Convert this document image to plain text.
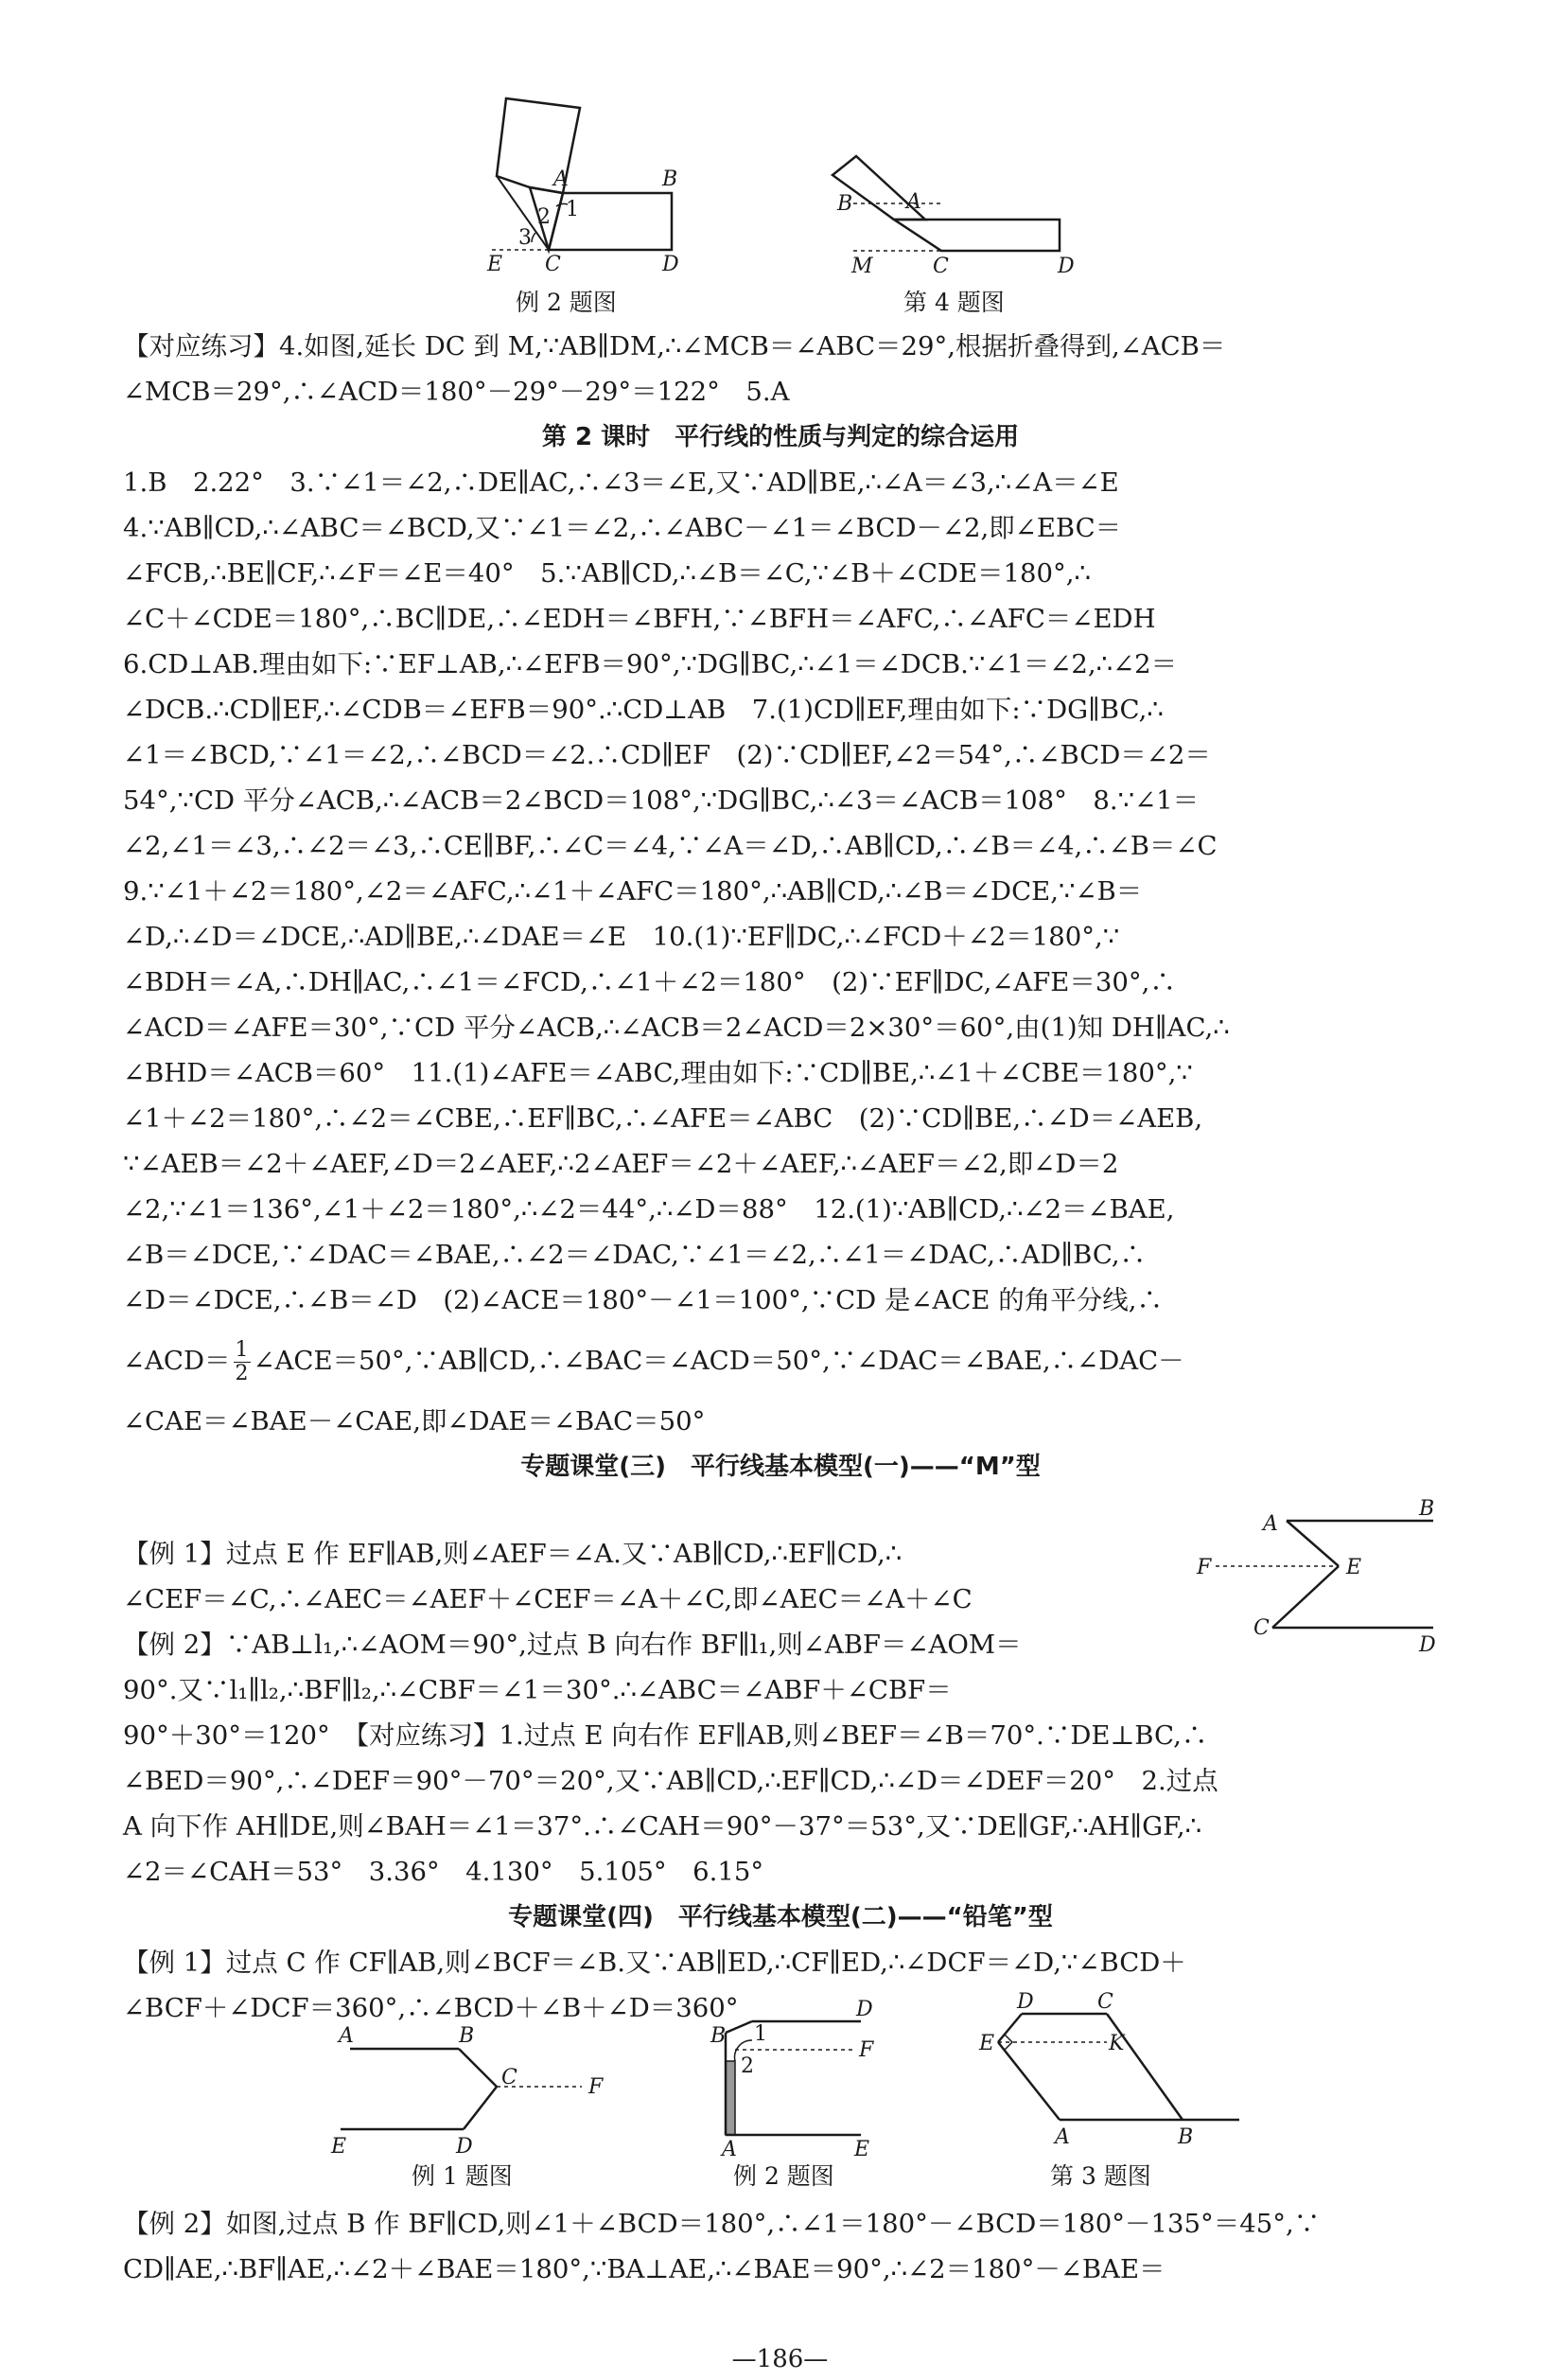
A	B
1
2
3
E C	D
例 2 题图
B	A
M	C	D
第 4 题图
【对应练习】4.如图,延长 DC 到 M,∵AB∥DM,∴∠MCB＝∠ABC＝29°,根据折叠得到,∠ACB＝
∠MCB＝29°,∴∠ACD＝180°－29°－29°＝122°　5.A
第 2 课时　平行线的性质与判定的综合运用
1.B　2.22°　3.∵∠1＝∠2,∴DE∥AC,∴∠3＝∠E,又∵AD∥BE,∴∠A＝∠3,∴∠A＝∠E
4.∵AB∥CD,∴∠ABC＝∠BCD,又∵∠1＝∠2,∴∠ABC－∠1＝∠BCD－∠2,即∠EBC＝
∠FCB,∴BE∥CF,∴∠F＝∠E＝40°　5.∵AB∥CD,∴∠B＝∠C,∵∠B＋∠CDE＝180°,∴
∠C＋∠CDE＝180°,∴BC∥DE,∴∠EDH＝∠BFH,∵∠BFH＝∠AFC,∴∠AFC＝∠EDH
6.CD⊥AB.理由如下:∵EF⊥AB,∴∠EFB＝90°,∵DG∥BC,∴∠1＝∠DCB.∵∠1＝∠2,∴∠2＝
∠DCB.∴CD∥EF,∴∠CDB＝∠EFB＝90°.∴CD⊥AB　7.(1)CD∥EF,理由如下:∵DG∥BC,∴
∠1＝∠BCD,∵∠1＝∠2,∴∠BCD＝∠2.∴CD∥EF　(2)∵CD∥EF,∠2＝54°,∴∠BCD＝∠2＝
54°,∵CD 平分∠ACB,∴∠ACB＝2∠BCD＝108°,∵DG∥BC,∴∠3＝∠ACB＝108°　8.∵∠1＝
∠2,∠1＝∠3,∴∠2＝∠3,∴CE∥BF,∴∠C＝∠4,∵∠A＝∠D,∴AB∥CD,∴∠B＝∠4,∴∠B＝∠C
9.∵∠1＋∠2＝180°,∠2＝∠AFC,∴∠1＋∠AFC＝180°,∴AB∥CD,∴∠B＝∠DCE,∵∠B＝
∠D,∴∠D＝∠DCE,∴AD∥BE,∴∠DAE＝∠E　10.(1)∵EF∥DC,∴∠FCD＋∠2＝180°,∵
∠BDH＝∠A,∴DH∥AC,∴∠1＝∠FCD,∴∠1＋∠2＝180°　(2)∵EF∥DC,∠AFE＝30°,∴
∠ACD＝∠AFE＝30°,∵CD 平分∠ACB,∴∠ACB＝2∠ACD＝2×30°＝60°,由(1)知 DH∥AC,∴
∠BHD＝∠ACB＝60°　11.(1)∠AFE＝∠ABC,理由如下:∵CD∥BE,∴∠1＋∠CBE＝180°,∵
∠1＋∠2＝180°,∴∠2＝∠CBE,∴EF∥BC,∴∠AFE＝∠ABC　(2)∵CD∥BE,∴∠D＝∠AEB,
∵∠AEB＝∠2＋∠AEF,∠D＝2∠AEF,∴2∠AEF＝∠2＋∠AEF,∴∠AEF＝∠2,即∠D＝2
∠2,∵∠1＝136°,∠1＋∠2＝180°,∴∠2＝44°,∴∠D＝88°　12.(1)∵AB∥CD,∴∠2＝∠BAE,
∠B＝∠DCE,∵∠DAC＝∠BAE,∴∠2＝∠DAC,∵∠1＝∠2,∴∠1＝∠DAC,∴AD∥BC,∴
∠D＝∠DCE,∴∠B＝∠D　(2)∠ACE＝180°－∠1＝100°,∵CD 是∠ACE 的角平分线,∴
∠ACD＝ $\frac{1}{2}$ ∠ACE＝50°,∵AB∥CD,∴∠BAC＝∠ACD＝50°,∵∠DAC＝∠BAE,∴∠DAC－
∠CAE＝∠BAE－∠CAE,即∠DAE＝∠BAC＝50°
专题课堂(三)　平行线基本模型(一)——“M”型
【例 1】过点 E 作 EF∥AB,则∠AEF＝∠A.又∵AB∥CD,∴EF∥CD,∴
∠CEF＝∠C,∴∠AEC＝∠AEF＋∠CEF＝∠A＋∠C,即∠AEC＝∠A＋∠C
【例 2】∵AB⊥l₁,∴∠AOM＝90°,过点 B 向右作 BF∥l₁,则∠ABF＝∠AOM＝
90°.又∵l₁∥l₂,∴BF∥l₂,∴∠CBF＝∠1＝30°.∴∠ABC＝∠ABF＋∠CBF＝
A
B
F	E
C
D
90°＋30°＝120°　【对应练习】1.过点 E 向右作 EF∥AB,则∠BEF＝∠B＝70°.∵DE⊥BC,∴
∠BED＝90°,∴∠DEF＝90°－70°＝20°,又∵AB∥CD,∴EF∥CD,∴∠D＝∠DEF＝20°　2.过点
A 向下作 AH∥DE,则∠BAH＝∠1＝37°.∴∠CAH＝90°－37°＝53°,又∵DE∥GF,∴AH∥GF,∴
∠2＝∠CAH＝53°　3.36°　4.130°　5.105°　6.15°
专题课堂(四)　平行线基本模型(二)——“铅笔”型
【例 1】过点 C 作 CF∥AB,则∠BCF＝∠B.又∵AB∥ED,∴CF∥ED,∴∠DCF＝∠D,∵∠BCD＋
∠BCF＋∠DCF＝360°,∴∠BCD＋∠B＋∠D＝360°
A	B
C	F
E	D
例 1 题图
B 1
2
D
F
A	E
例 2 题图
D	C
E	K
A	B
第 3 题图
【例 2】如图,过点 B 作 BF∥CD,则∠1＋∠BCD＝180°,∴∠1＝180°－∠BCD＝180°－135°＝45°,∵
CD∥AE,∴BF∥AE,∴∠2＋∠BAE＝180°,∵BA⊥AE,∴∠BAE＝90°,∴∠2＝180°－∠BAE＝
—186—
